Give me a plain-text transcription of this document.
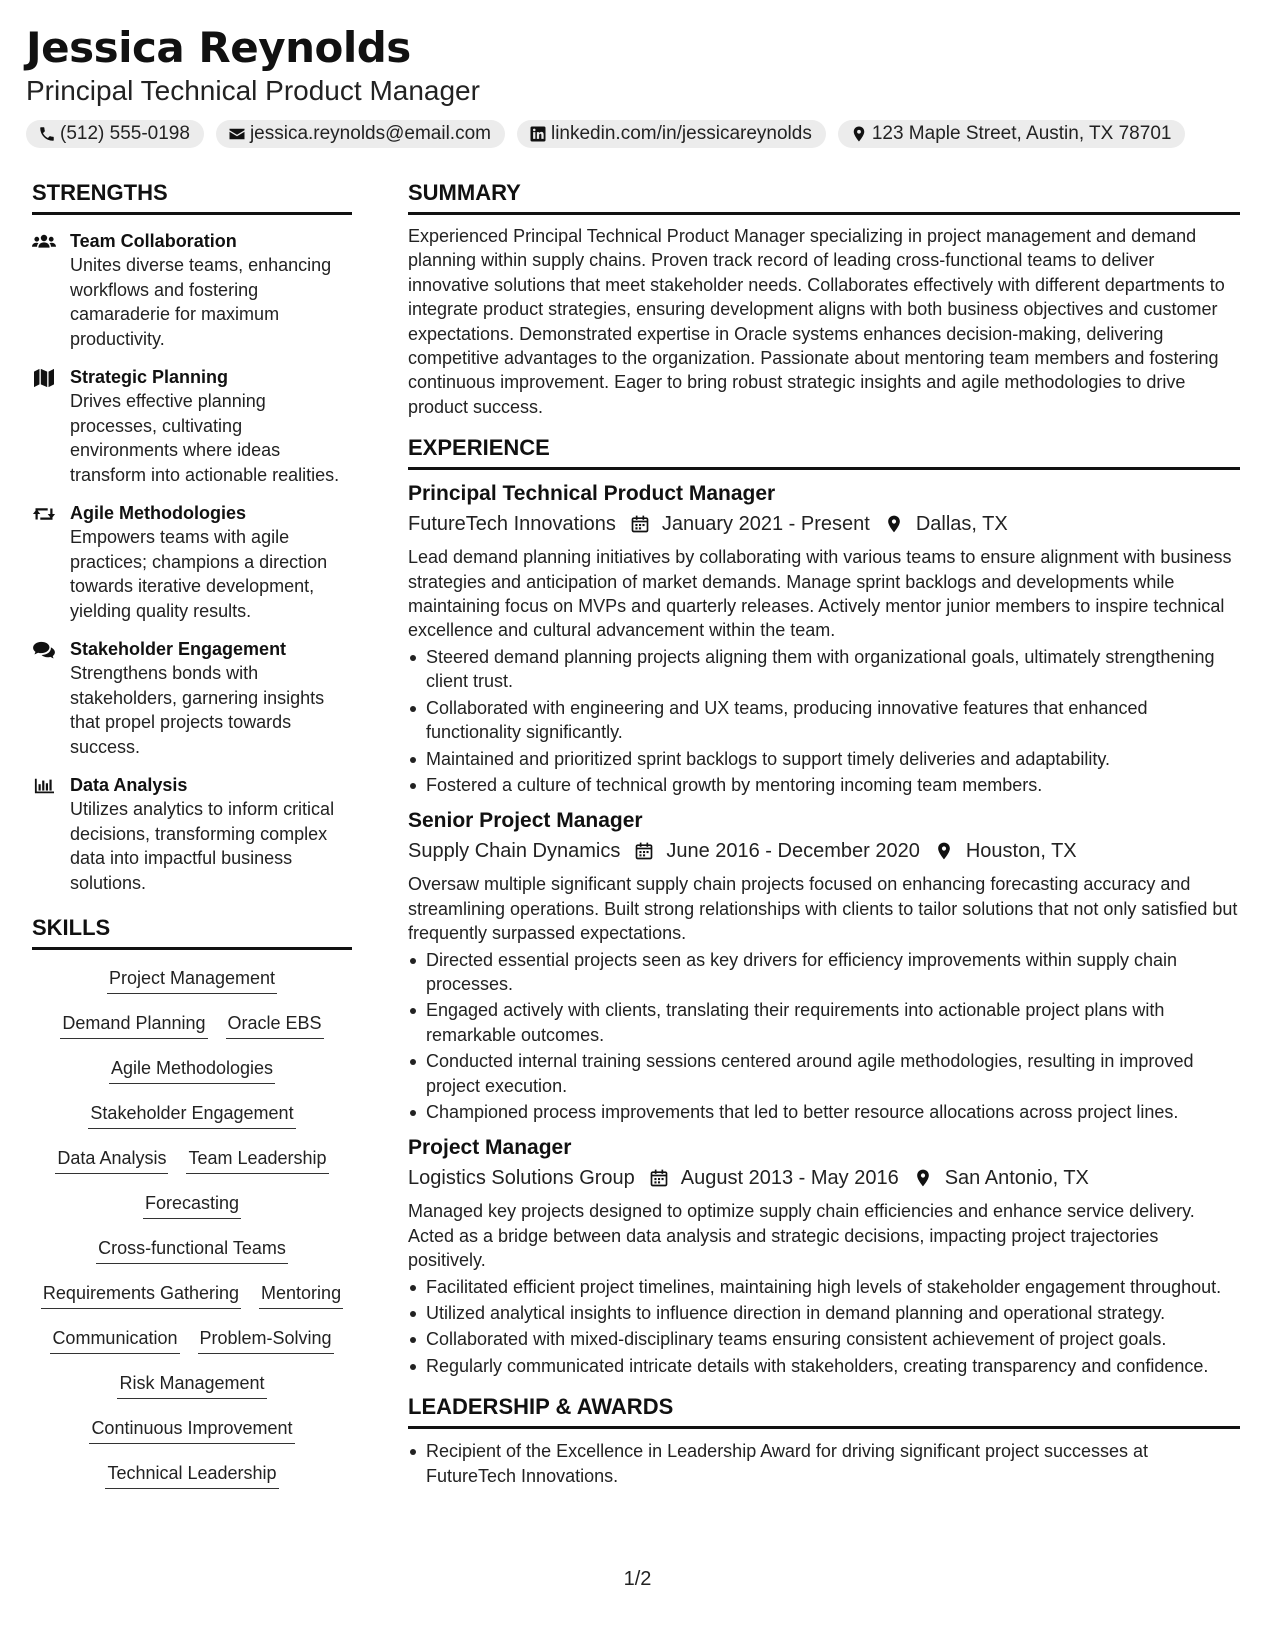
Jessica Reynolds
Principal Technical Product Manager
(512) 555-0198	jessica.reynolds@email.com	linkedin.com/in/jessicareynolds	123 Maple Street, Austin, TX 78701
STRENGTHS
Team Collaboration
Unites diverse teams, enhancing workflows and fostering camaraderie for maximum productivity.
Strategic Planning
Drives effective planning processes, cultivating environments where ideas transform into actionable realities.
Agile Methodologies
Empowers teams with agile practices; champions a direction towards iterative development, yielding quality results.
Stakeholder Engagement
Strengthens bonds with stakeholders, garnering insights that propel projects towards success.
Data Analysis
Utilizes analytics to inform critical decisions, transforming complex data into impactful business solutions.
SKILLS
Project Management
Demand Planning Oracle EBS
Agile Methodologies
Stakeholder Engagement
Data Analysis Team Leadership
Forecasting
Cross-functional Teams
Requirements Gathering Mentoring
Communication Problem-Solving
Risk Management
Continuous Improvement
Technical Leadership
SUMMARY
Experienced Principal Technical Product Manager specializing in project management and demand planning within supply chains. Proven track record of leading cross-functional teams to deliver innovative solutions that meet stakeholder needs. Collaborates effectively with different departments to integrate product strategies, ensuring development aligns with both business objectives and customer expectations. Demonstrated expertise in Oracle systems enhances decision-making, delivering competitive advantages to the organization. Passionate about mentoring team members and fostering continuous improvement. Eager to bring robust strategic insights and agile methodologies to drive product success.
EXPERIENCE
Principal Technical Product Manager
FutureTech Innovations January 2021 - Present Dallas, TX
Lead demand planning initiatives by collaborating with various teams to ensure alignment with business strategies and anticipation of market demands. Manage sprint backlogs and developments while maintaining focus on MVPs and quarterly releases. Actively mentor junior members to inspire technical excellence and cultural advancement within the team.
Steered demand planning projects aligning them with organizational goals, ultimately strengthening client trust.
Collaborated with engineering and UX teams, producing innovative features that enhanced functionality significantly.
Maintained and prioritized sprint backlogs to support timely deliveries and adaptability.
Fostered a culture of technical growth by mentoring incoming team members.
Senior Project Manager
Supply Chain Dynamics June 2016 - December 2020 Houston, TX
Oversaw multiple significant supply chain projects focused on enhancing forecasting accuracy and streamlining operations. Built strong relationships with clients to tailor solutions that not only satisfied but frequently surpassed expectations.
Directed essential projects seen as key drivers for efficiency improvements within supply chain processes.
Engaged actively with clients, translating their requirements into actionable project plans with remarkable outcomes.
Conducted internal training sessions centered around agile methodologies, resulting in improved project execution.
Championed process improvements that led to better resource allocations across project lines.
Project Manager
Logistics Solutions Group August 2013 - May 2016 San Antonio, TX
Managed key projects designed to optimize supply chain efficiencies and enhance service delivery. Acted as a bridge between data analysis and strategic decisions, impacting project trajectories positively.
Facilitated efficient project timelines, maintaining high levels of stakeholder engagement throughout.
Utilized analytical insights to influence direction in demand planning and operational strategy.
Collaborated with mixed-disciplinary teams ensuring consistent achievement of project goals.
Regularly communicated intricate details with stakeholders, creating transparency and confidence.
LEADERSHIP & AWARDS
Recipient of the Excellence in Leadership Award for driving significant project successes at FutureTech Innovations.
1/2
